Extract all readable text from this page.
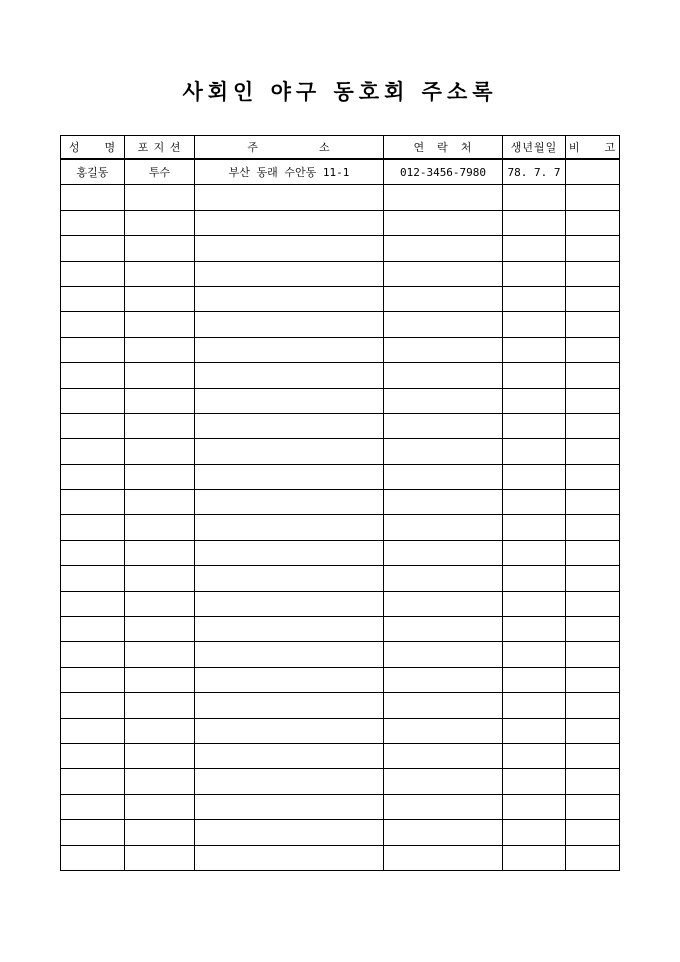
사회인 야구 동호회 주소록
성　　명	포 지 션	주　　　　　소	연　락　처	생년월일	비　　고
홍길동	투수	부산 동래 수안동 11-1	012-3456-7980	78. 7. 7	
